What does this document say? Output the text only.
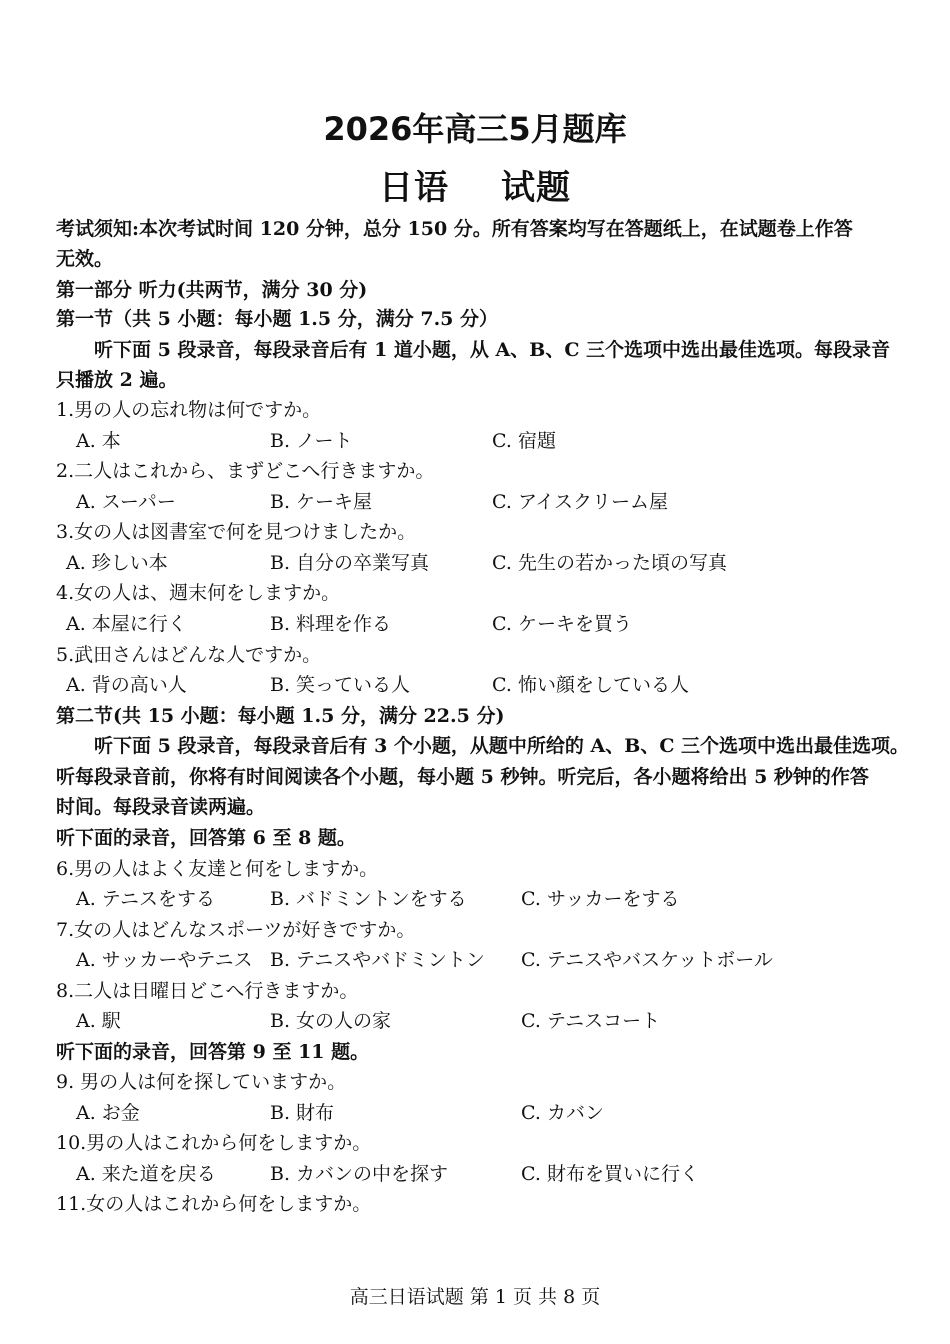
2026年高三5月题库
日语 试题
考试须知:本次考试时间 120 分钟，总分 150 分。所有答案均写在答题纸上，在试题卷上作答
无效。
第一部分 听力(共两节，满分 30 分)
第一节（共 5 小题：每小题 1.5 分，满分 7.5 分）
听下面 5 段录音，每段录音后有 1 道小题，从 A、B、C 三个选项中选出最佳选项。每段录音
只播放 2 遍。
1.男の人の忘れ物は何ですか。
A. 本	B. ノート	C. 宿題
2.二人はこれから、まずどこへ行きますか。
A. スーパー	B. ケーキ屋	C. アイスクリーム屋
3.女の人は図書室で何を見つけましたか。
A. 珍しい本	B. 自分の卒業写真	C. 先生の若かった頃の写真
4.女の人は、週末何をしますか。
A. 本屋に行く	B. 料理を作る	C. ケーキを買う
5.武田さんはどんな人ですか。
A. 背の高い人	B. 笑っている人	C. 怖い顔をしている人
第二节(共 15 小题：每小题 1.5 分，满分 22.5 分)
听下面 5 段录音，每段录音后有 3 个小题，从题中所给的 A、B、C 三个选项中选出最佳选项。
听每段录音前，你将有时间阅读各个小题，每小题 5 秒钟。听完后，各小题将给出 5 秒钟的作答
时间。每段录音读两遍。
听下面的录音，回答第 6 至 8 题。
6.男の人はよく友達と何をしますか。
A. テニスをする	B. バドミントンをする	C. サッカーをする
7.女の人はどんなスポーツが好きですか。
A. サッカーやテニス B. テニスやバドミントン C. テニスやバスケットボール
8.二人は日曜日どこへ行きますか。
A. 駅	B. 女の人の家	C. テニスコート
听下面的录音，回答第 9 至 11 题。
9. 男の人は何を探していますか。
A. お金	B. 財布	C. カバン
10.男の人はこれから何をしますか。
A. 来た道を戻る	B. カバンの中を探す	C. 財布を買いに行く
11.女の人はこれから何をしますか。
高三日语试题 第 1 页 共 8 页
